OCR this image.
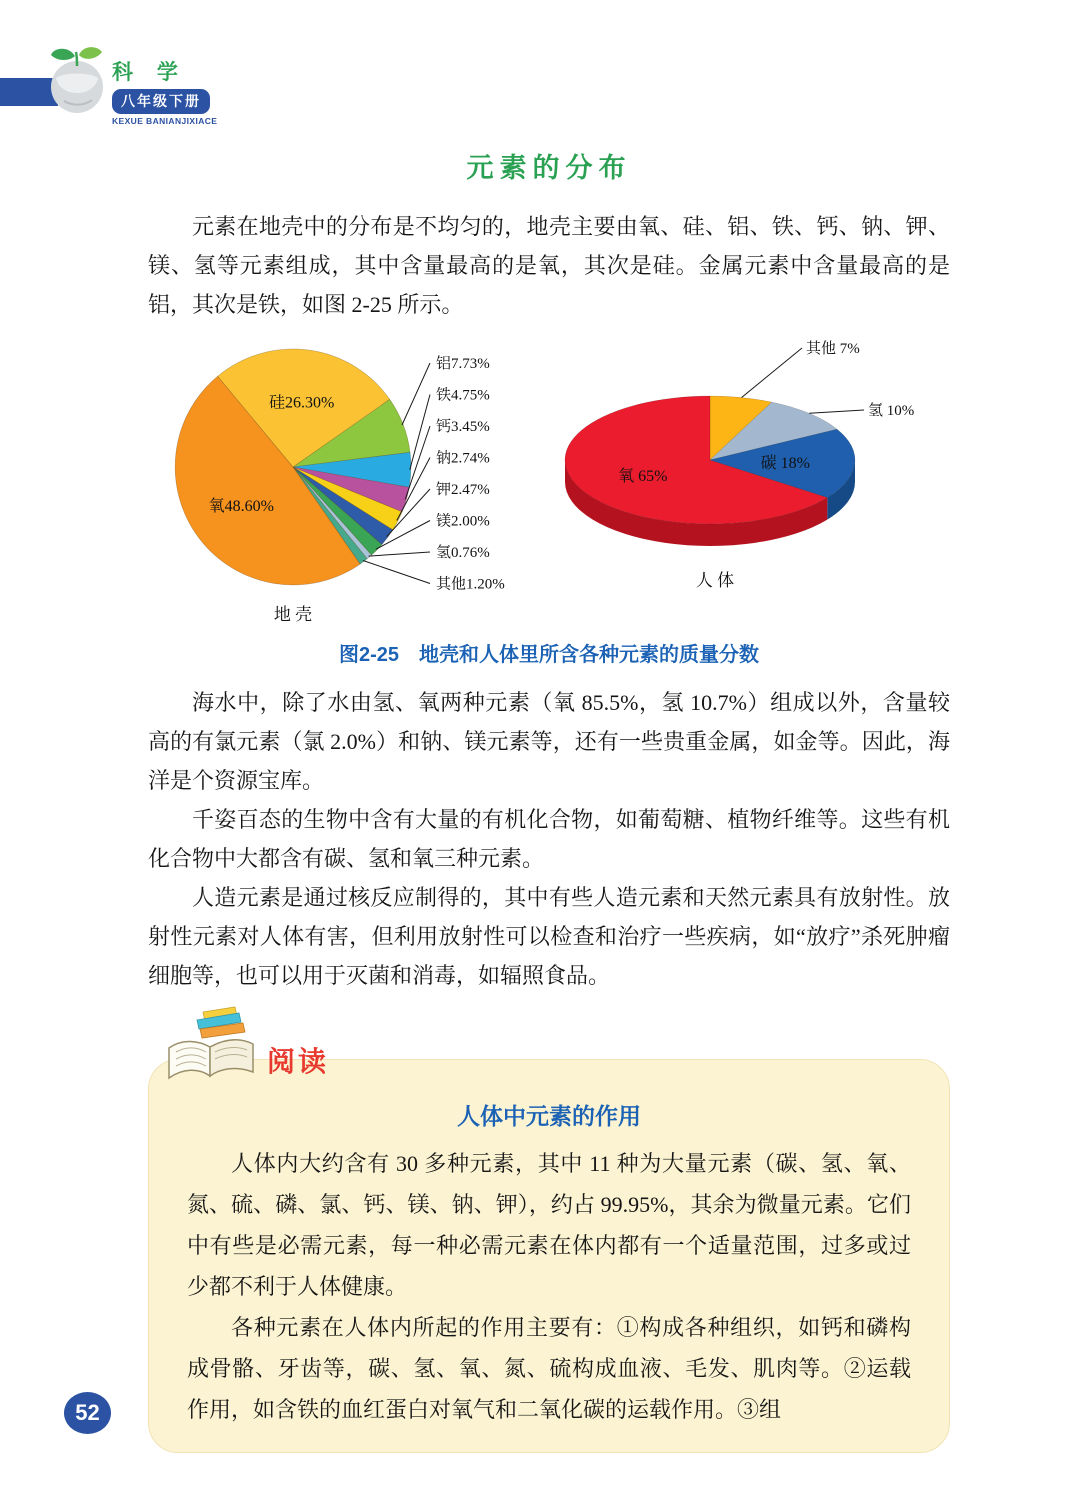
科 学
八年级下册
KEXUE BANIANJIXIACE
元素的分布

元素在地壳中的分布是不均匀的，地壳主要由氧、硅、铝、铁、钙、钠、钾、镁、氢等元素组成，其中含量最高的是氧，其次是硅。金属元素中含量最高的是铝，其次是铁，如图 2-25 所示。

铝7.73%
铁4.75%
钙3.45%
钠2.74%
钾2.47%
镁2.00%
氢0.76%
其他1.20%
氧48.60%
硅26.30%
地 壳
其他 7%
氢 10%
碳 18%
氧 65%
人 体
图2-25　地壳和人体里所含各种元素的质量分数

海水中，除了水由氢、氧两种元素（氧 85.5%，氢 10.7%）组成以外，含量较高的有氯元素（氯 2.0%）和钠、镁元素等，还有一些贵重金属，如金等。因此，海洋是个资源宝库。

千姿百态的生物中含有大量的有机化合物，如葡萄糖、植物纤维等。这些有机化合物中大都含有碳、氢和氧三种元素。

人造元素是通过核反应制得的，其中有些人造元素和天然元素具有放射性。放射性元素对人体有害，但利用放射性可以检查和治疗一些疾病，如“放疗”杀死肿瘤细胞等，也可以用于灭菌和消毒，如辐照食品。

阅读
人体中元素的作用

人体内大约含有 30 多种元素，其中 11 种为大量元素（碳、氢、氧、氮、硫、磷、氯、钙、镁、钠、钾），约占 99.95%，其余为微量元素。它们中有些是必需元素，每一种必需元素在体内都有一个适量范围，过多或过少都不利于人体健康。

各种元素在人体内所起的作用主要有：①构成各种组织，如钙和磷构成骨骼、牙齿等，碳、氢、氧、氮、硫构成血液、毛发、肌肉等。②运载作用，如含铁的血红蛋白对氧气和二氧化碳的运载作用。③组

52
